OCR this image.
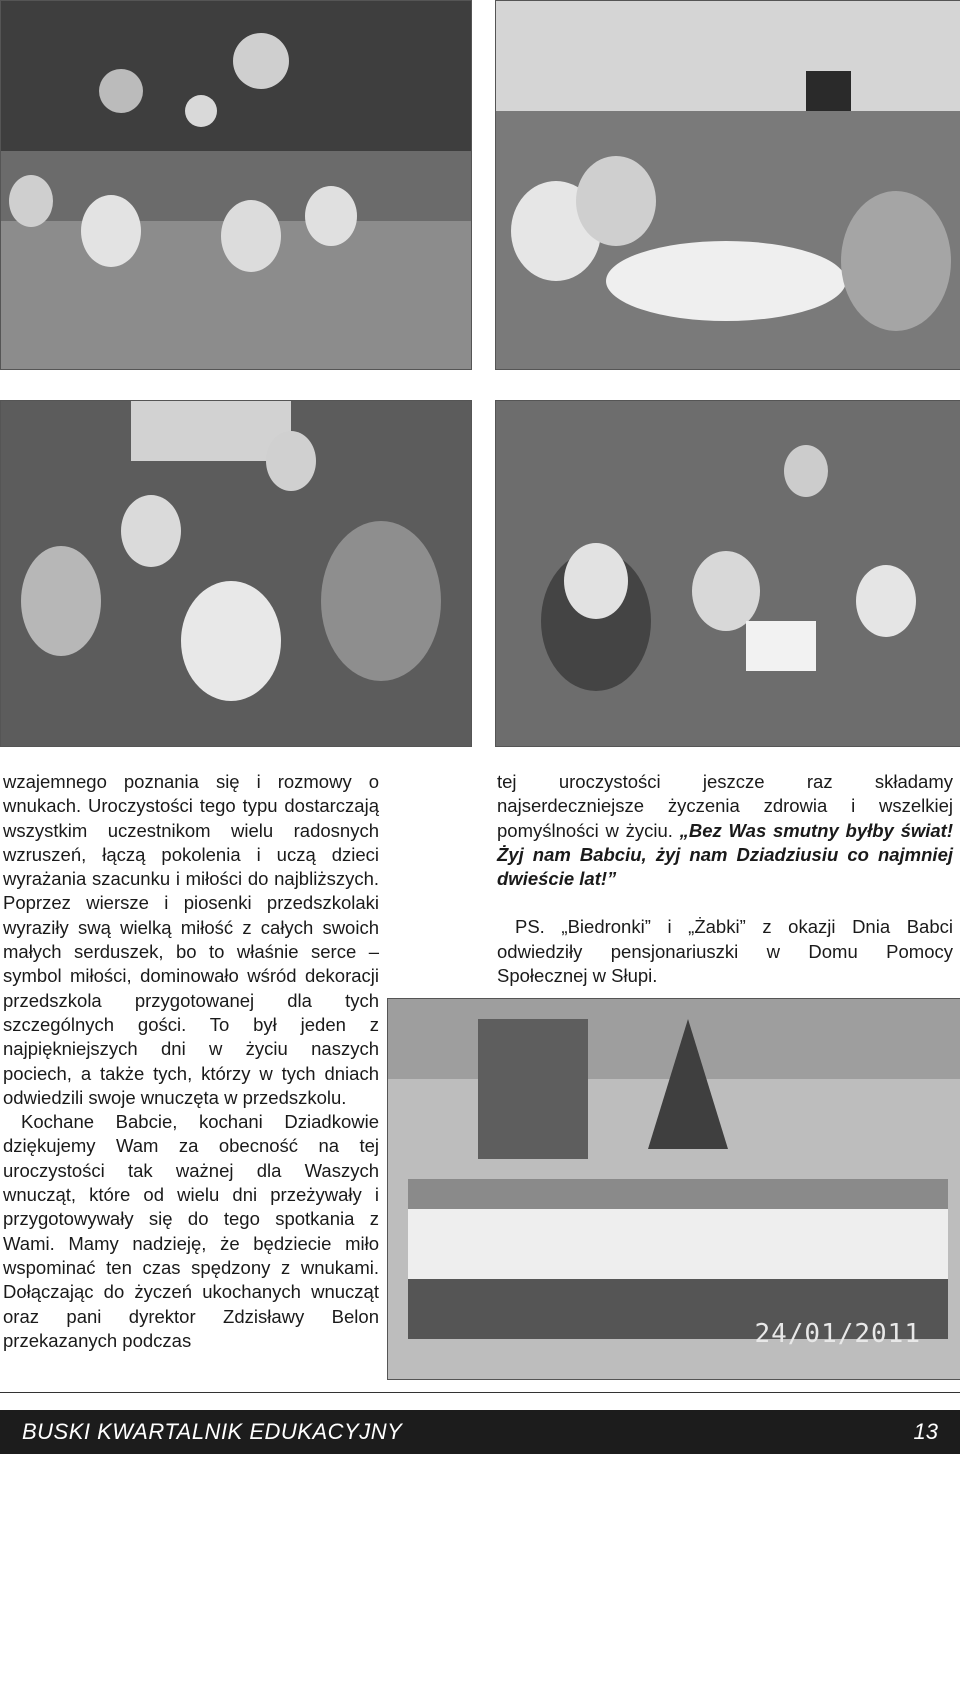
24/01/2011

wzajemnego poznania się i rozmowy o wnukach. Uroczystości tego typu dostarczają wszystkim uczestnikom wielu radosnych wzruszeń, łączą pokolenia i uczą dzieci wyrażania szacunku i miłości do najbliższych. Poprzez wiersze i piosenki przedszkolaki wyraziły swą wielką miłość z całych swoich małych serduszek, bo to właśnie serce – symbol miłości, dominowało wśród dekoracji przedszkola przygotowanej dla tych szczególnych gości. To był jeden z najpiękniejszych dni w życiu naszych pociech, a także tych, którzy w tych dniach odwiedzili swoje wnuczęta w przedszkolu.

Kochane Babcie, kochani Dziadkowie dziękujemy Wam za obecność na tej uroczystości tak ważnej dla Waszych wnucząt, które od wielu dni przeżywały i przygotowywały się do tego spotkania z Wami. Mamy nadzieję, że będziecie miło wspominać ten czas spędzony z wnukami. Dołączając do życzeń ukochanych wnucząt oraz pani dyrektor Zdzisławy Belon przekazanych podczas

tej uroczystości jeszcze raz składamy najserdeczniejsze życzenia zdrowia i wszelkiej pomyślności w życiu. „Bez Was smutny byłby świat! Żyj nam Babciu, żyj nam Dziadziusiu co najmniej dwieście lat!”

PS. „Biedronki” i „Żabki” z okazji Dnia Babci odwiedziły pensjonariuszki w Domu Pomocy Społecznej w Słupi.

BUSKI KWARTALNIK EDUKACYJNY	13
